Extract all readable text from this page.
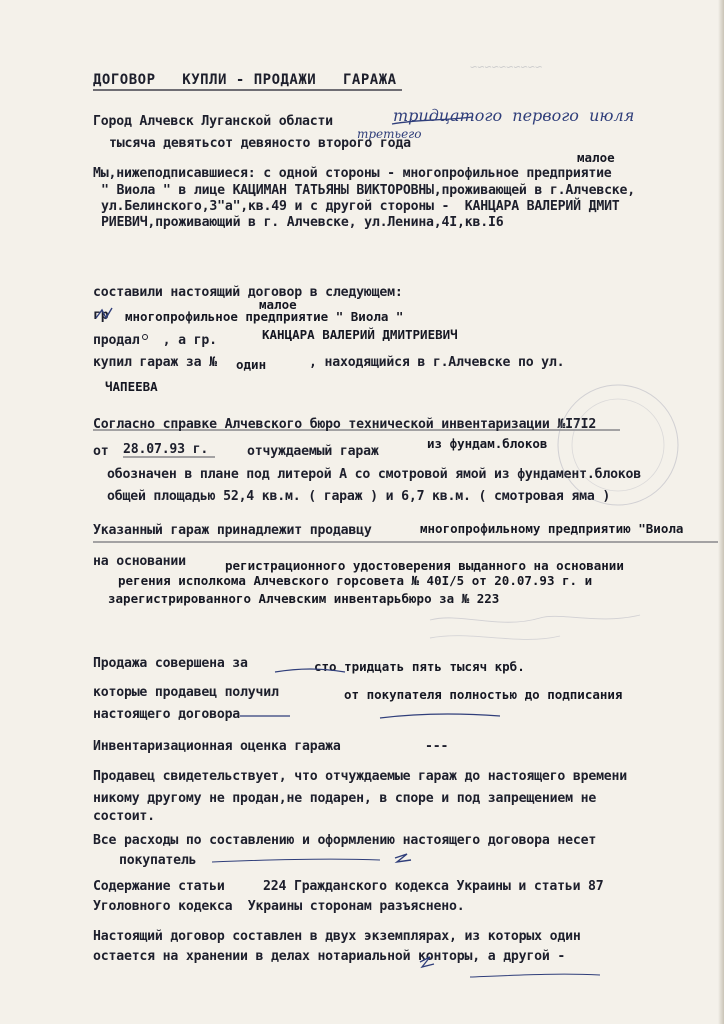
~~~~~~~~~~
ДОГОВОР   КУПЛИ - ПРОДАЖИ   ГАРАЖА
тридцатого  первого  июля
Город Алчевск Луганской области
третьего
тысяча девятьсот девяносто второго года
малое
Мы,нижеподписавшиеся: с одной стороны - многопрофильное предприятие
" Виола " в лице КАЦИМАН ТАТЬЯНЫ ВИКТОРОВНЫ,проживающей в г.Алчевске,
ул.Белинского,3"а",кв.49 и с другой стороны -  КАНЦАРА ВАЛЕРИЙ ДМИТ
РИЕВИЧ,проживающий в г. Алчевске, ул.Ленина,4I,кв.I6
составили настоящий договор в следующем:
малое
гр многопрофильное предприятие " Виола "
КАНЦАРА ВАЛЕРИЙ ДМИТРИЕВИЧ
продал   , а гр.
купил гараж за № один	, находящийся в г.Алчевске по ул.
ЧАПЕЕВА
Согласно справке Алчевского бюро технической инвентаризации №I7I2
от 28.07.93 г.	отчуждаемый гараж
из фундам.блоков
обозначен в плане под литерой А со смотровой ямой из фундамент.блоков
общей площадью 52,4 кв.м. ( гараж ) и 6,7 кв.м. ( смотровая яма )
Указанный гараж принадлежит продавцу	многопрофильному предприятию "Виола
на основании	регистрационного удостоверения выданного на основании
регения исполкома Алчевского горсовета № 40I/5 от 20.07.93 г. и
зарегистрированного Алчевским инвентарьбюро за № 223
Продажа совершена за	сто тридцать пять тысяч крб.
которые продавец получил	от покупателя полностью до подписания
настоящего договора
Инвентаризационная оценка гаража	---
Продавец свидетельствует, что отчуждаемые гараж до настоящего времени
никому другому не продан,не подарен, в споре и под запрещением не
состоит.
Все расходы по составлению и оформлению настоящего договора несет
покупатель
Содержание статьи	224 Гражданского кодекса Украины и статьи 87
Уголовного кодекса  Украины сторонам разъяснено.
Настоящий договор составлен в двух экземплярах, из которых один
остается на хранении в делах нотариальной конторы, а другой -
